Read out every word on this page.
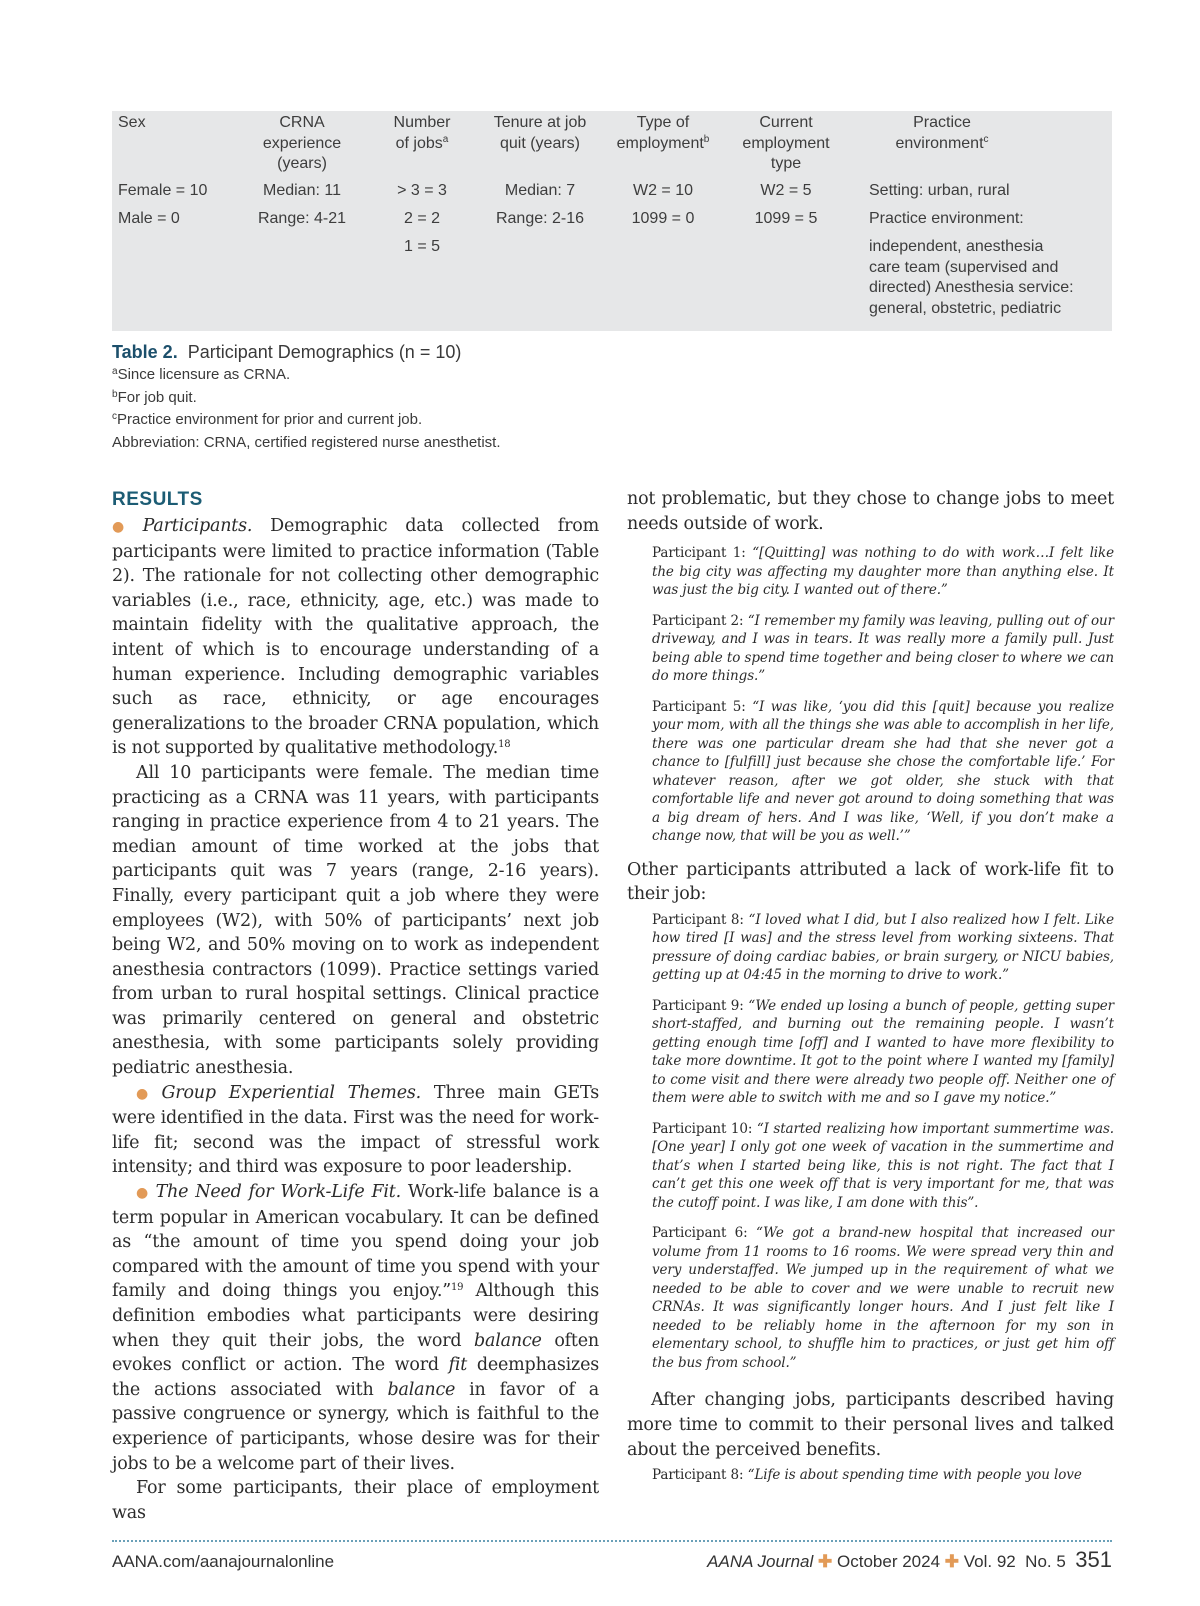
Sex	CRNA
experience
(years)
Number
of jobs$^a$
Tenure at job
quit (years)
Type of
employment$^b$
Current
employment
type
Practice
environment$^c$
Female = 10
Male = 0
Median: 11
Range: 4-21
> 3 = 3
2 = 2
1 = 5
Median: 7
Range: 2-16
W2 = 10
1099 = 0
W2 = 5
1099 = 5
Setting: urban, rural
Practice environment:
independent, anesthesia
care team (supervised and
directed) Anesthesia service:
general, obstetric, pediatric
Table 2. Participant Demographics (n = 10)
$^a$Since licensure as CRNA.
$^b$For job quit.
$^c$Practice environment for prior and current job.
Abbreviation: CRNA, certified registered nurse anesthetist.
RESULTS

● Participants. Demographic data collected from participants were limited to practice information (Table 2). The rationale for not collecting other demographic variables (i.e., race, ethnicity, age, etc.) was made to maintain fidelity with the qualitative approach, the intent of which is to encourage understanding of a human experience. Including demographic variables such as race, ethnicity, or age encourages generalizations to the broader CRNA population, which is not supported by qualitative methodology.$^{18}$

All 10 participants were female. The median time practicing as a CRNA was 11 years, with participants ranging in practice experience from 4 to 21 years. The median amount of time worked at the jobs that participants quit was 7 years (range, 2-16 years). Finally, every participant quit a job where they were employees (W2), with 50% of participants’ next job being W2, and 50% moving on to work as independent anesthesia contractors (1099). Practice settings varied from urban to rural hospital settings. Clinical practice was primarily centered on general and obstetric anesthesia, with some participants solely providing pediatric anesthesia.

● Group Experiential Themes. Three main GETs were identified in the data. First was the need for work-life fit; second was the impact of stressful work intensity; and third was exposure to poor leadership.

● The Need for Work-Life Fit. Work-life balance is a term popular in American vocabulary. It can be defined as “the amount of time you spend doing your job compared with the amount of time you spend with your family and doing things you enjoy.”$^{19}$ Although this definition embodies what participants were desiring when they quit their jobs, the word balance often evokes conflict or action. The word fit deemphasizes the actions associated with balance in favor of a passive congruence or synergy, which is faithful to the experience of participants, whose desire was for their jobs to be a welcome part of their lives.

For some participants, their place of employment was

not problematic, but they chose to change jobs to meet needs outside of work.

Participant 1: “[Quitting] was nothing to do with work…I felt like the big city was affecting my daughter more than anything else. It was just the big city. I wanted out of there.”

Participant 2: “I remember my family was leaving, pulling out of our driveway, and I was in tears. It was really more a family pull. Just being able to spend time together and being closer to where we can do more things.”

Participant 5: “I was like, ‘you did this [quit] because you realize your mom, with all the things she was able to accomplish in her life, there was one particular dream she had that she never got a chance to [fulfill] just because she chose the comfortable life.’ For whatever reason, after we got older, she stuck with that comfortable life and never got around to doing something that was a big dream of hers. And I was like, ‘Well, if you don’t make a change now, that will be you as well.’”

Other participants attributed a lack of work-life fit to their job:

Participant 8: “I loved what I did, but I also realized how I felt. Like how tired [I was] and the stress level from working sixteens. That pressure of doing cardiac babies, or brain surgery, or NICU babies, getting up at 04:45 in the morning to drive to work.”

Participant 9: “We ended up losing a bunch of people, getting super short-staffed, and burning out the remaining people. I wasn’t getting enough time [off] and I wanted to have more flexibility to take more downtime. It got to the point where I wanted my [family] to come visit and there were already two people off. Neither one of them were able to switch with me and so I gave my notice.”

Participant 10: “I started realizing how important summertime was. [One year] I only got one week of vacation in the summertime and that’s when I started being like, this is not right. The fact that I can’t get this one week off that is very important for me, that was the cutoff point. I was like, I am done with this”.

Participant 6: “We got a brand-new hospital that increased our volume from 11 rooms to 16 rooms. We were spread very thin and very understaffed. We jumped up in the requirement of what we needed to be able to cover and we were unable to recruit new CRNAs. It was significantly longer hours. And I just felt like I needed to be reliably home in the afternoon for my son in elementary school, to shuffle him to practices, or just get him off the bus from school.”

After changing jobs, participants described having more time to commit to their personal lives and talked about the perceived benefits.

Participant 8: “Life is about spending time with people you love

AANA.com/aanajournalonline	AANA Journal ✚ October 2024 ✚ Vol. 92  No. 5 351
